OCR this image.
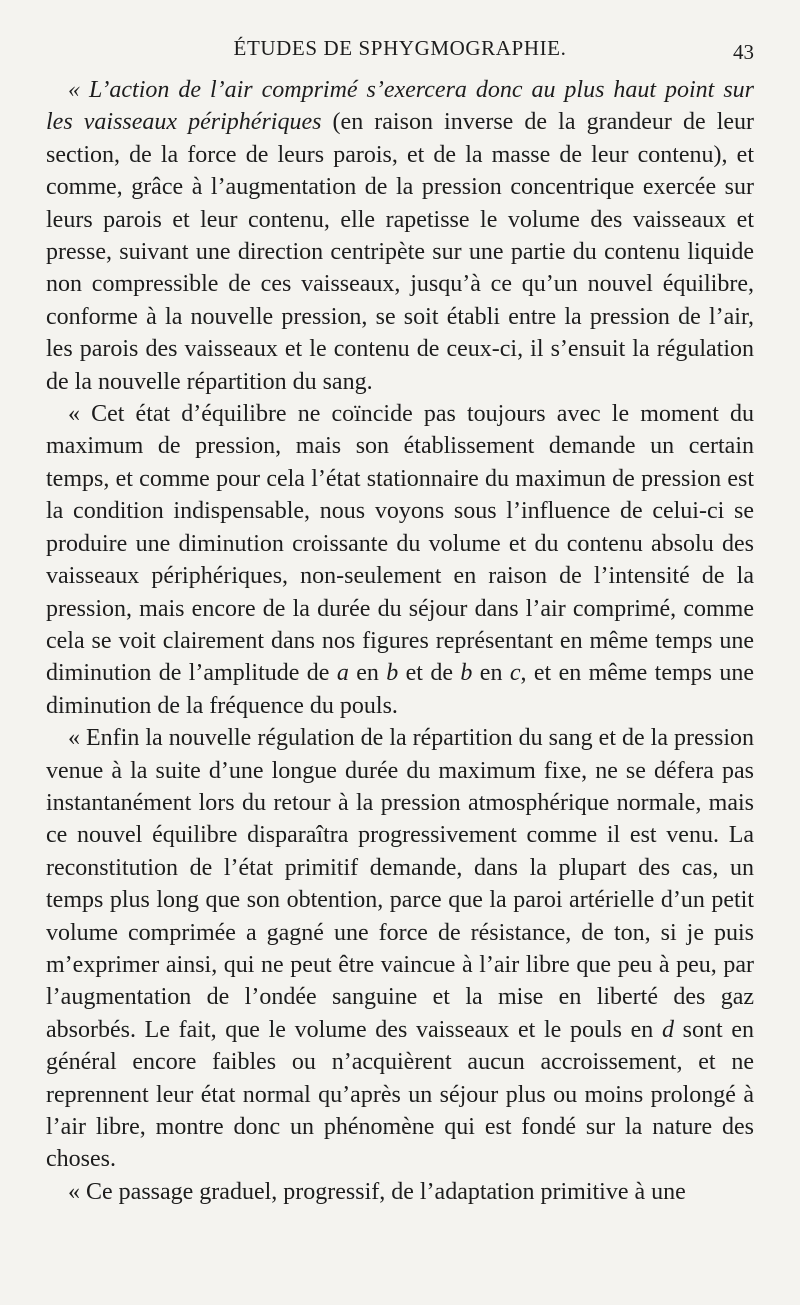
ÉTUDES DE SPHYGMOGRAPHIE.	43

« L’action de l’air comprimé s’exercera donc au plus haut point sur les vaisseaux périphériques (en raison inverse de la grandeur de leur section, de la force de leurs parois, et de la masse de leur contenu), et comme, grâce à l’augmentation de la pression concentrique exercée sur leurs parois et leur contenu, elle rapetisse le volume des vaisseaux et presse, suivant une direction centripète sur une partie du contenu liquide non compressible de ces vaisseaux, jusqu’à ce qu’un nouvel équilibre, conforme à la nouvelle pression, se soit établi entre la pression de l’air, les parois des vaisseaux et le contenu de ceux-ci, il s’ensuit la régulation de la nouvelle répartition du sang.

« Cet état d’équilibre ne coïncide pas toujours avec le moment du maximum de pression, mais son établissement demande un certain temps, et comme pour cela l’état stationnaire du maximun de pression est la condition indispensable, nous voyons sous l’influence de celui-ci se produire une diminution croissante du volume et du contenu absolu des vaisseaux périphériques, non-seulement en raison de l’intensité de la pression, mais encore de la durée du séjour dans l’air comprimé, comme cela se voit clairement dans nos figures représentant en même temps une diminution de l’amplitude de a en b et de b en c, et en même temps une diminution de la fréquence du pouls.

« Enfin la nouvelle régulation de la répartition du sang et de la pression venue à la suite d’une longue durée du maximum fixe, ne se défera pas instantanément lors du retour à la pression atmosphérique normale, mais ce nouvel équilibre disparaîtra progressivement comme il est venu. La reconstitution de l’état primitif demande, dans la plupart des cas, un temps plus long que son obtention, parce que la paroi artérielle d’un petit volume comprimée a gagné une force de résistance, de ton, si je puis m’exprimer ainsi, qui ne peut être vaincue à l’air libre que peu à peu, par l’augmentation de l’ondée sanguine et la mise en liberté des gaz absorbés. Le fait, que le volume des vaisseaux et le pouls en d sont en général encore faibles ou n’acquièrent aucun accroissement, et ne reprennent leur état normal qu’après un séjour plus ou moins prolongé à l’air libre, montre donc un phénomène qui est fondé sur la nature des choses.

« Ce passage graduel, progressif, de l’adaptation primitive à une
